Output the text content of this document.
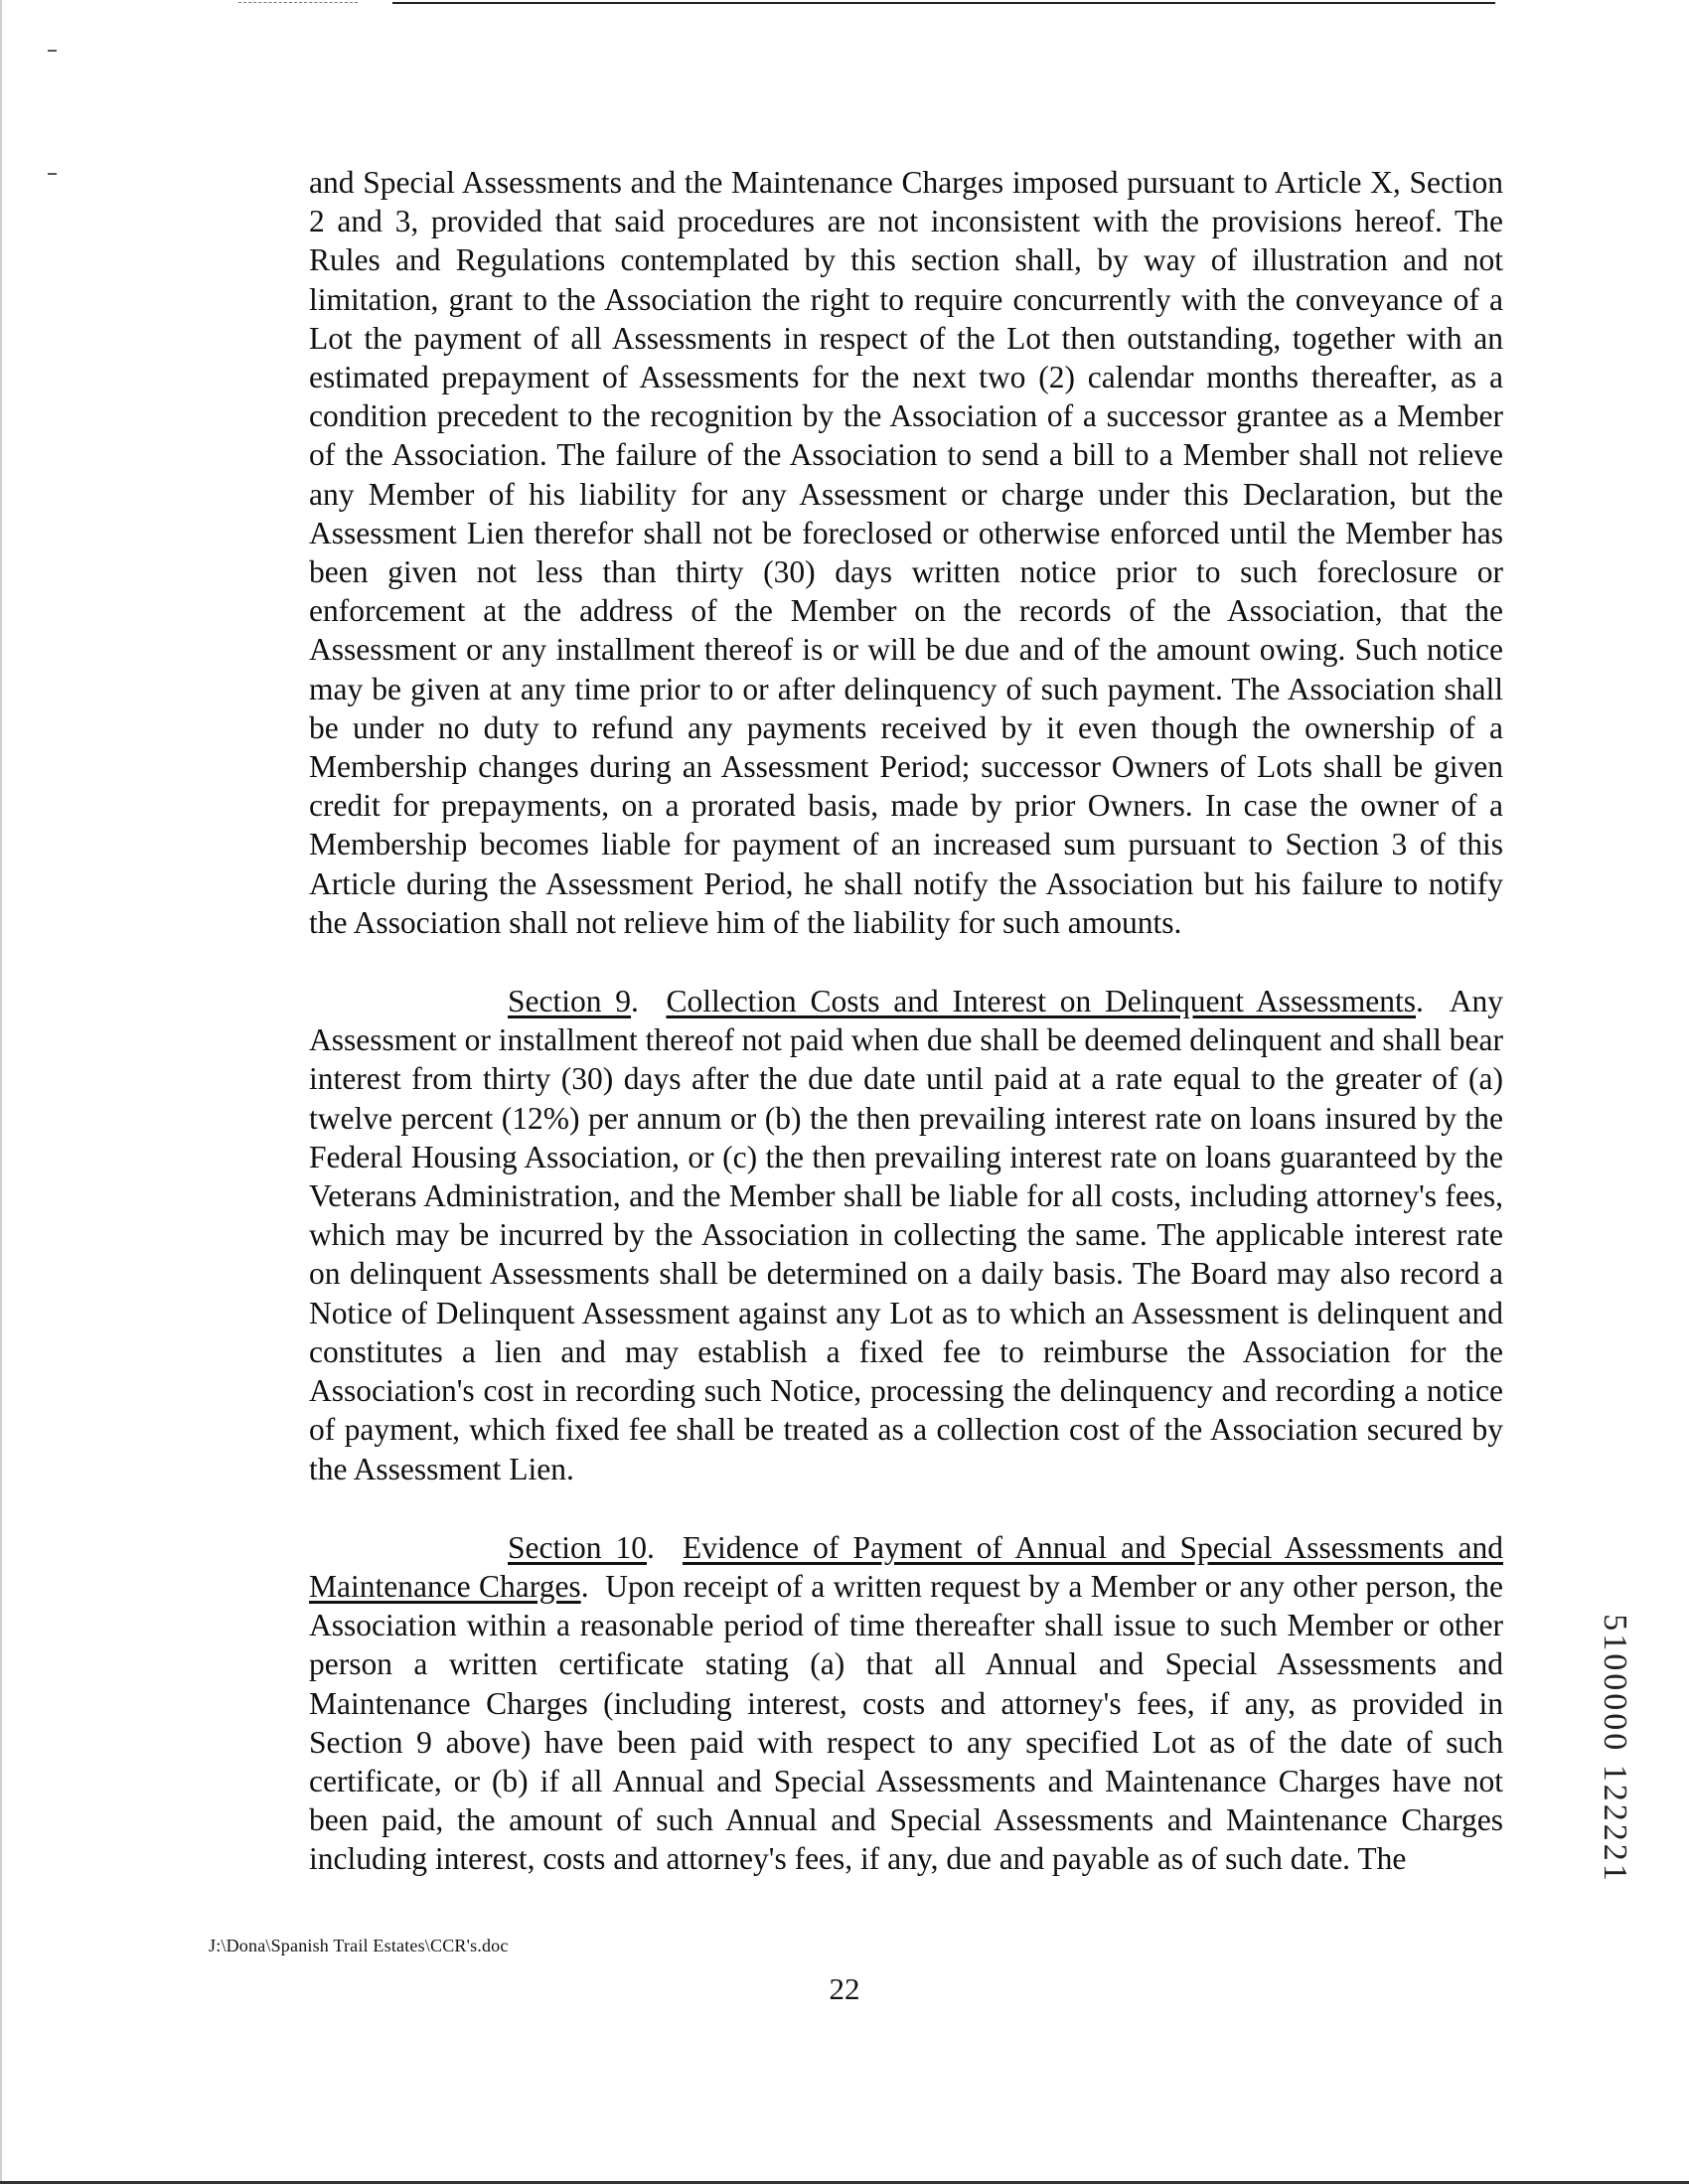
and Special Assessments and the Maintenance Charges imposed pursuant to Article X, Section 2 and 3, provided that said procedures are not inconsistent with the provisions hereof. The Rules and Regulations contemplated by this section shall, by way of illustration and not limitation, grant to the Association the right to require concurrently with the conveyance of a Lot the payment of all Assessments in respect of the Lot then outstanding, together with an estimated prepayment of Assessments for the next two (2) calendar months thereafter, as a condition precedent to the recognition by the Association of a successor grantee as a Member of the Association. The failure of the Association to send a bill to a Member shall not relieve any Member of his liability for any Assessment or charge under this Declaration, but the Assessment Lien therefor shall not be foreclosed or otherwise enforced until the Member has been given not less than thirty (30) days written notice prior to such foreclosure or enforcement at the address of the Member on the records of the Association, that the Assessment or any installment thereof is or will be due and of the amount owing. Such notice may be given at any time prior to or after delinquency of such payment. The Association shall be under no duty to refund any payments received by it even though the ownership of a Membership changes during an Assessment Period; successor Owners of Lots shall be given credit for prepayments, on a prorated basis, made by prior Owners. In case the owner of a Membership becomes liable for payment of an increased sum pursuant to Section 3 of this Article during the Assessment Period, he shall notify the Association but his failure to notify the Association shall not relieve him of the liability for such amounts.

Section 9.  Collection Costs and Interest on Delinquent Assessments.  Any Assessment or installment thereof not paid when due shall be deemed delinquent and shall bear interest from thirty (30) days after the due date until paid at a rate equal to the greater of (a) twelve percent (12%) per annum or (b) the then prevailing interest rate on loans insured by the Federal Housing Association, or (c) the then prevailing interest rate on loans guaranteed by the Veterans Administration, and the Member shall be liable for all costs, including attorney's fees, which may be incurred by the Association in collecting the same. The applicable interest rate on delinquent Assessments shall be determined on a daily basis. The Board may also record a Notice of Delinquent Assessment against any Lot as to which an Assessment is delinquent and constitutes a lien and may establish a fixed fee to reimburse the Association for the Association's cost in recording such Notice, processing the delinquency and recording a notice of payment, which fixed fee shall be treated as a collection cost of the Association secured by the Assessment Lien.

Section 10.  Evidence of Payment of Annual and Special Assessments and Maintenance Charges.  Upon receipt of a written request by a Member or any other person, the Association within a reasonable period of time thereafter shall issue to such Member or other person a written certificate stating (a) that all Annual and Special Assessments and Maintenance Charges (including interest, costs and attorney's fees, if any, as provided in Section 9 above) have been paid with respect to any specified Lot as of the date of such certificate, or (b) if all Annual and Special Assessments and Maintenance Charges have not been paid, the amount of such Annual and Special Assessments and Maintenance Charges including interest, costs and attorney's fees, if any, due and payable as of such date. The

J:\Dona\Spanish Trail Estates\CCR's.doc
22
5100000 122221
